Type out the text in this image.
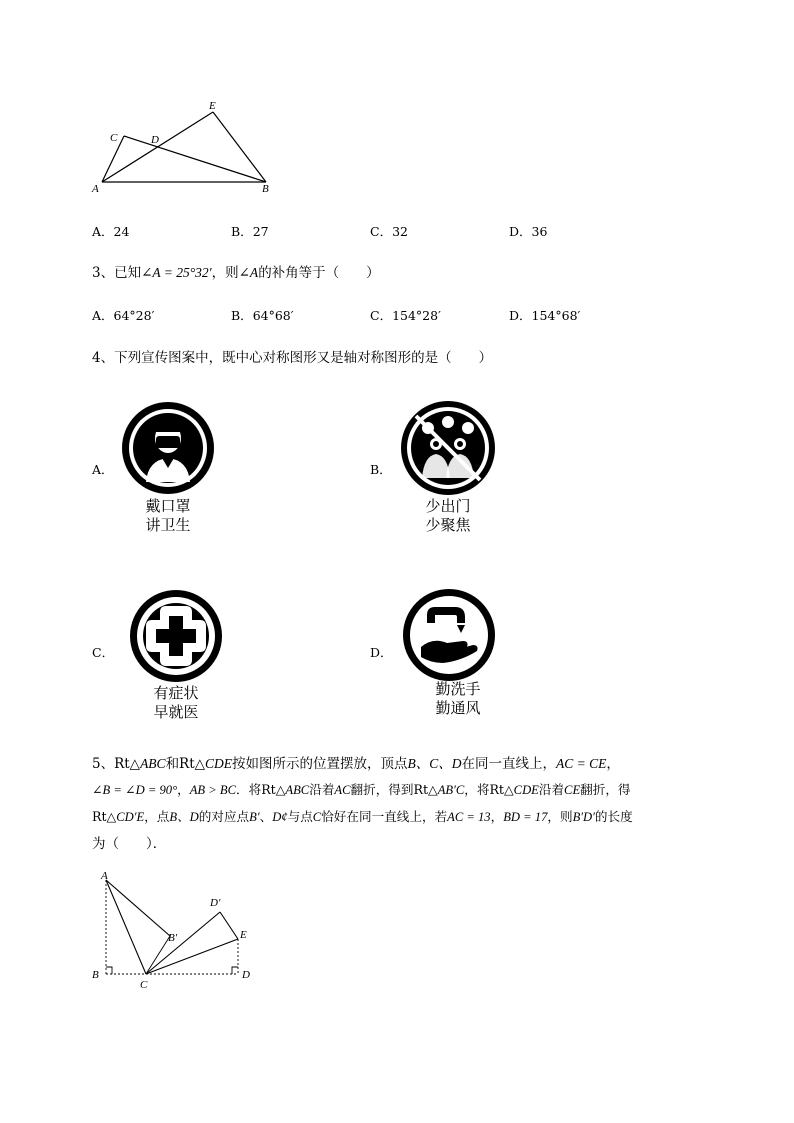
A	B
C	D
E
A．24	B．27	C．32	D．36
3、已知∠A = 25°32′，则∠A的补角等于（　　）
A．64°28′	B．64°68′	C．154°28′	D．154°68′
4、下列宣传图案中，既中心对称图形又是轴对称图形的是（　　）
A．
戴口罩
讲卫生
B．
少出门
少聚焦
C．
有症状
早就医
D．
勤洗手
勤通风
5、Rt△ABC和Rt△CDE按如图所示的位置摆放，顶点B、C、D在同一直线上，AC = CE，
∠B = ∠D = 90°，AB > BC．将Rt△ABC沿着AC翻折，得到Rt△AB′C，将Rt△CDE沿着CE翻折，得
Rt△CD′E，点B、D的对应点B′、D¢与点C恰好在同一直线上，若AC = 13，BD = 17，则B′D′的长度
为（　　）．
A
B
C
D
E
B′
D′
